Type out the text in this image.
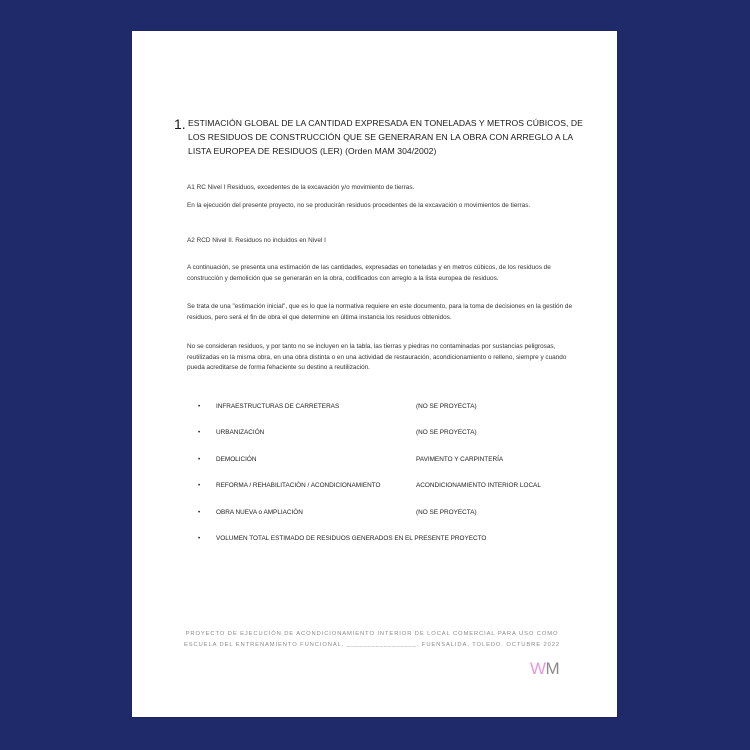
1. ESTIMACIÓN GLOBAL DE LA CANTIDAD EXPRESADA EN TONELADAS Y METROS CÚBICOS, DE LOS RESIDUOS DE CONSTRUCCIÓN QUE SE GENERARAN EN LA OBRA CON ARREGLO A LA LISTA EUROPEA DE RESIDUOS (LER) (Orden MAM 304/2002)
A1 RC Nivel I Residuos, excedentes de la excavación y/o movimiento de tierras.
En la ejecución del presente proyecto, no se producirán residuos procedentes de la excavación o movimientos de tierras.
A2 RCD Nivel II. Residuos no incluidos en Nivel I
A continuación, se presenta una estimación de las cantidades, expresadas en toneladas y en metros cúbicos, de los residuos de construcción y demolición que se generarán en la obra, codificados con arreglo a la lista europea de residuos.
Se trata de una "estimación inicial", que es lo que la normativa requiere en este documento, para la toma de decisiones en la gestión de residuos, pero será el fin de obra el que determine en última instancia los residuos obtenidos.
No se consideran residuos, y por tanto no se incluyen en la tabla, las tierras y piedras no contaminadas por sustancias peligrosas, reutilizadas en la misma obra, en una obra distinta o en una actividad de restauración, acondicionamiento o relleno, siempre y cuando pueda acreditarse de forma fehaciente su destino a reutilización.
• INFRAESTRUCTURAS DE CARRETERAS	(NO SE PROYECTA)
• URBANIZACIÓN	(NO SE PROYECTA)
• DEMOLICIÓN	PAVIMENTO Y CARPINTERÍA
• REFORMA / REHABILITACIÓN / ACONDICIONAMIENTO	ACONDICIONAMIENTO INTERIOR LOCAL
• OBRA NUEVA o AMPLIACIÓN	(NO SE PROYECTA)
• VOLUMEN TOTAL ESTIMADO DE RESIDUOS GENERADOS EN EL PRESENTE PROYECTO
PROYECTO DE EJECUCIÓN DE ACONDICIONAMIENTO INTERIOR DE LOCAL COMERCIAL PARA USO COMO
ESCUELA DEL ENTRENAMIENTO FUNCIONAL. _________________. FUENSALIDA, TOLEDO. OCTUBRE 2022
WM
